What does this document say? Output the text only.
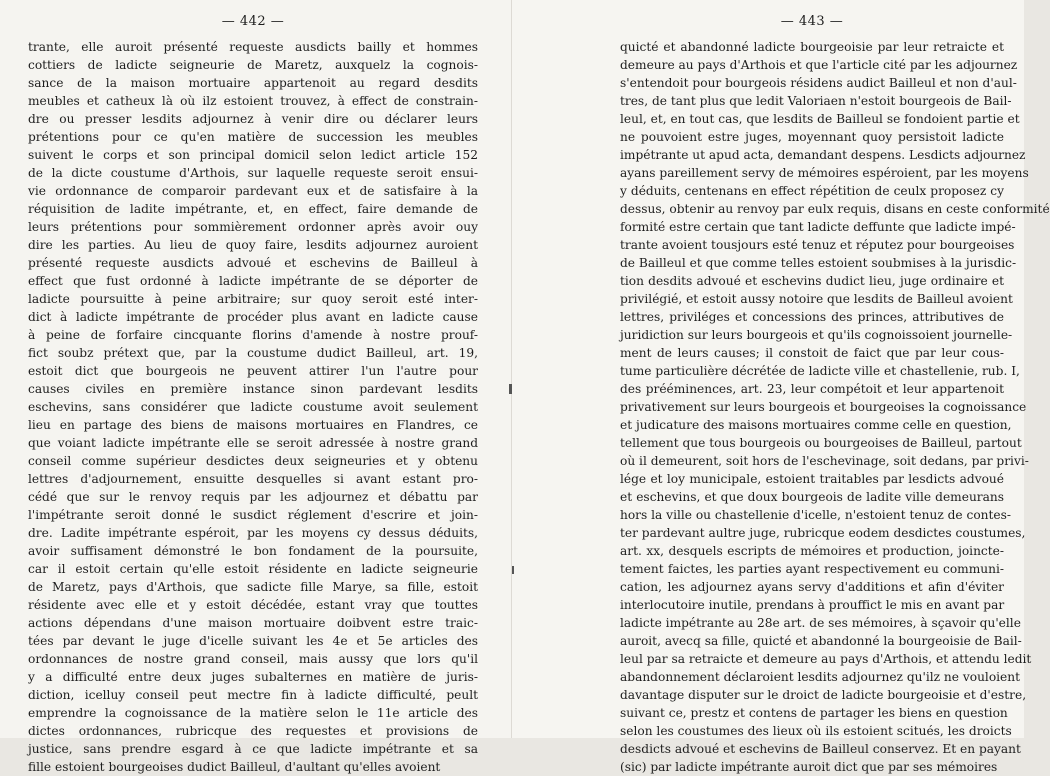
— 442 —
trante, elle auroit présenté requeste ausdicts bailly et hommes
cottiers de ladicte seigneurie de Maretz, auxquelz la cognois-
sance de la maison mortuaire appartenoit au regard desdits
meubles et catheux là où ilz estoient trouvez, à effect de constrain-
dre ou presser lesdits adjournez à venir dire ou déclarer leurs
prétentions pour ce qu'en matière de succession les meubles
suivent le corps et son principal domicil selon ledict article 152
de la dicte coustume d'Arthois, sur laquelle requeste seroit ensui-
vie ordonnance de comparoir pardevant eux et de satisfaire à la
réquisition de ladite impétrante, et, en effect, faire demande de
leurs prétentions pour sommièrement ordonner après avoir ouy
dire les parties. Au lieu de quoy faire, lesdits adjournez auroient
présenté requeste ausdicts advoué et eschevins de Bailleul à
effect que fust ordonné à ladicte impétrante de se déporter de
ladicte poursuitte à peine arbitraire; sur quoy seroit esté inter-
dict à ladicte impétrante de procéder plus avant en ladicte cause
à peine de forfaire cincquante florins d'amende à nostre prouf-
fict soubz prétext que, par la coustume dudict Bailleul, art. 19,
estoit dict que bourgeois ne peuvent attirer l'un l'autre pour
causes civiles en première instance sinon pardevant lesdits
eschevins, sans considérer que ladicte coustume avoit seulement
lieu en partage des biens de maisons mortuaires en Flandres, ce
que voiant ladicte impétrante elle se seroit adressée à nostre grand
conseil comme supérieur desdictes deux seigneuries et y obtenu
lettres d'adjournement, ensuitte desquelles si avant estant pro-
cédé que sur le renvoy requis par les adjournez et débattu par
l'impétrante seroit donné le susdict réglement d'escrire et join-
dre. Ladite impétrante espéroit, par les moyens cy dessus déduits,
avoir suffisament démonstré le bon fondament de la poursuite,
car il estoit certain qu'elle estoit résidente en ladicte seigneurie
de Maretz, pays d'Arthois, que sadicte fille Marye, sa fille, estoit
résidente avec elle et y estoit décédée, estant vray que touttes
actions dépendans d'une maison mortuaire doibvent estre traic-
tées par devant le juge d'icelle suivant les 4e et 5e articles des
ordonnances de nostre grand conseil, mais aussy que lors qu'il
y a difficulté entre deux juges subalternes en matière de juris-
diction, icelluy conseil peut mectre fin à ladicte difficulté, peult
emprendre la cognoissance de la matière selon le 11e article des
dictes ordonnances, rubricque des requestes et provisions de
justice, sans prendre esgard à ce que ladicte impétrante et sa
fille estoient bourgeoises dudict Bailleul, d'aultant qu'elles avoient
— 443 —
quicté et abandonné ladicte bourgeoisie par leur retraicte et
demeure au pays d'Arthois et que l'article cité par les adjournez
s'entendoit pour bourgeois résidens audict Bailleul et non d'aul-
tres, de tant plus que ledit Valoriaen n'estoit bourgeois de Bail-
leul, et, en tout cas, que lesdits de Bailleul se fondoient partie et
ne pouvoient estre juges, moyennant quoy persistoit ladicte
impétrante ut apud acta, demandant despens. Lesdicts adjournez
ayans pareillement servy de mémoires espéroient, par les moyens
y déduits, centenans en effect répétition de ceulx proposez cy
dessus, obtenir au renvoy par eulx requis, disans en ceste conformité
formité estre certain que tant ladicte deffunte que ladicte impé-
trante avoient tousjours esté tenuz et réputez pour bourgeoises
de Bailleul et que comme telles estoient soubmises à la jurisdic-
tion desdits advoué et eschevins dudict lieu, juge ordinaire et
privilégié, et estoit aussy notoire que lesdits de Bailleul avoient
lettres, priviléges et concessions des princes, attributives de
juridiction sur leurs bourgeois et qu'ils cognoissoient journelle-
ment de leurs causes; il constoit de faict que par leur cous-
tume particulière décrétée de ladicte ville et chastellenie, rub. I,
des prééminences, art. 23, leur compétoit et leur appartenoit
privativement sur leurs bourgeois et bourgeoises la cognoissance
et judicature des maisons mortuaires comme celle en question,
tellement que tous bourgeois ou bourgeoises de Bailleul, partout
où il demeurent, soit hors de l'eschevinage, soit dedans, par privi-
lége et loy municipale, estoient traitables par lesdicts advoué
et eschevins, et que doux bourgeois de ladite ville demeurans
hors la ville ou chastellenie d'icelle, n'estoient tenuz de contes-
ter pardevant aultre juge, rubricque eodem desdictes coustumes,
art. xx, desquels escripts de mémoires et production, joincte-
tement faictes, les parties ayant respectivement eu communi-
cation, les adjournez ayans servy d'additions et afin d'éviter
interlocutoire inutile, prendans à prouffict le mis en avant par
ladicte impétrante au 28e art. de ses mémoires, à sçavoir qu'elle
auroit, avecq sa fille, quicté et abandonné la bourgeoisie de Bail-
leul par sa retraicte et demeure au pays d'Arthois, et attendu ledit
abandonnement déclaroient lesdits adjournez qu'ilz ne vouloient
davantage disputer sur le droict de ladicte bourgeoisie et d'estre,
suivant ce, prestz et contens de partager les biens en question
selon les coustumes des lieux où ils estoient scitués, les droicts
desdicts advoué et eschevins de Bailleul conservez. Et en payant
(sic) par ladicte impétrante auroit dict que par ses mémoires
